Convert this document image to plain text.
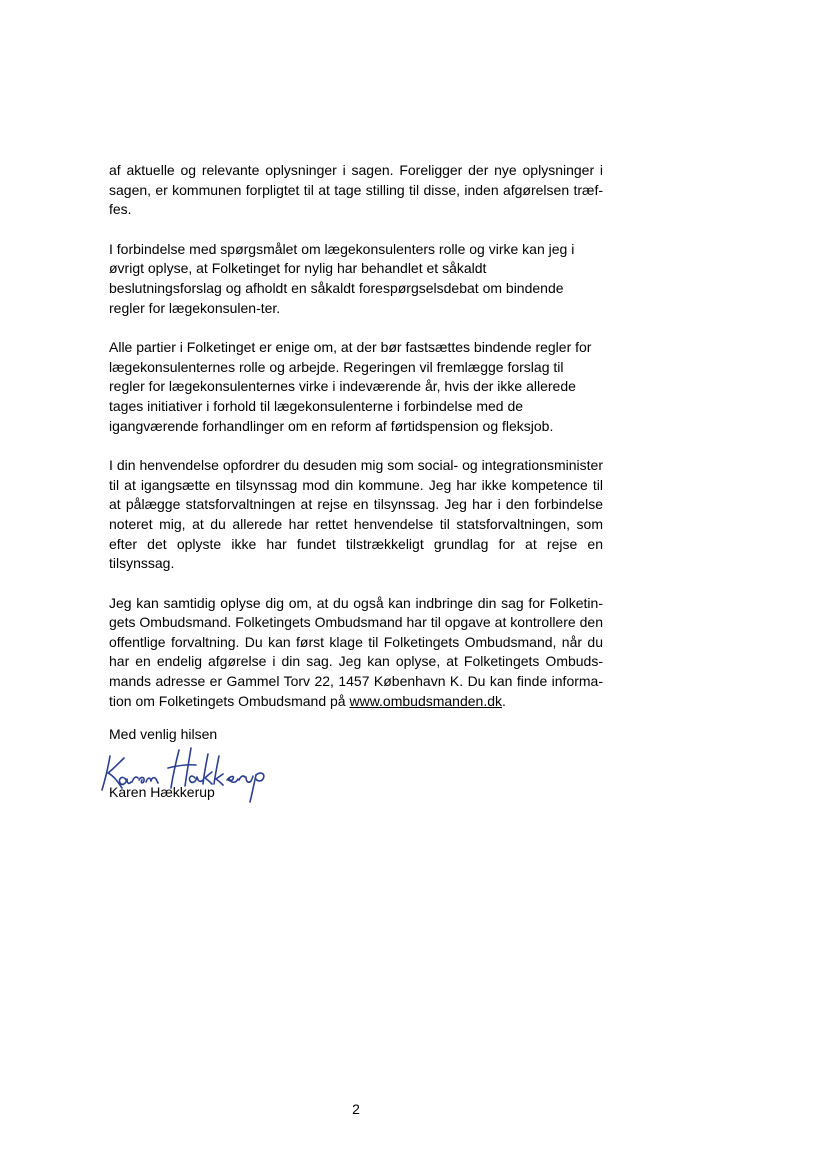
af aktuelle og relevante oplysninger i sagen. Foreligger der nye oplysninger i sagen, er kommunen forpligtet til at tage stilling til disse, inden afgørelsen træf-fes.

I forbindelse med spørgsmålet om lægekonsulenters rolle og virke kan jeg i øvrigt oplyse, at Folketinget for nylig har behandlet et såkaldt beslutningsforslag og afholdt en såkaldt forespørgselsdebat om bindende regler for lægekonsulen-ter.

Alle partier i Folketinget er enige om, at der bør fastsættes bindende regler for lægekonsulenternes rolle og arbejde. Regeringen vil fremlægge forslag til regler for lægekonsulenternes virke i indeværende år, hvis der ikke allerede tages initiativer i forhold til lægekonsulenterne i forbindelse med de igangværende forhandlinger om en reform af førtidspension og fleksjob.

I din henvendelse opfordrer du desuden mig som social- og integrationsminister til at igangsætte en tilsynssag mod din kommune. Jeg har ikke kompetence til at pålægge statsforvaltningen at rejse en tilsynssag. Jeg har i den forbindelse noteret mig, at du allerede har rettet henvendelse til statsforvaltningen, som efter det oplyste ikke har fundet tilstrækkeligt grundlag for at rejse en tilsynssag.

Jeg kan samtidig oplyse dig om, at du også kan indbringe din sag for Folketin-gets Ombudsmand. Folketingets Ombudsmand har til opgave at kontrollere den offentlige forvaltning. Du kan først klage til Folketingets Ombudsmand, når du har en endelig afgørelse i din sag. Jeg kan oplyse, at Folketingets Ombuds-mands adresse er Gammel Torv 22, 1457 København K. Du kan finde informa-tion om Folketingets Ombudsmand på www.ombudsmanden.dk.

Med venlig hilsen
Karen Hækkerup
2
